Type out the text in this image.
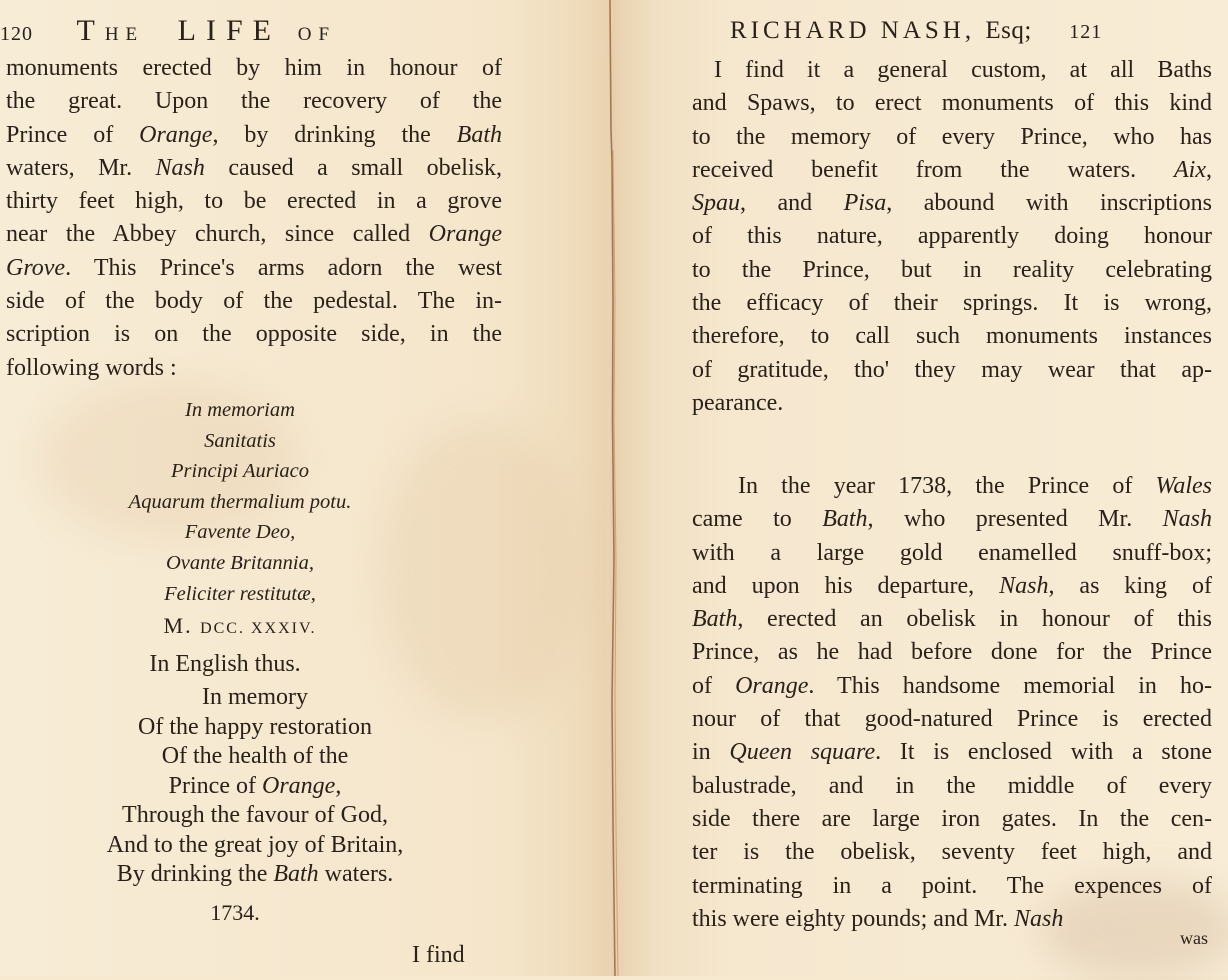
120 THE LIFE OF
monuments erected by him in honour of
the great. Upon the recovery of the
Prince of Orange, by drinking the Bath
waters, Mr. Nash caused a small obelisk,
thirty feet high, to be erected in a grove
near the Abbey church, since called Orange
Grove. This Prince's arms adorn the west
side of the body of the pedestal. The in-
scription is on the opposite side, in the
following words :
In memoriam
Sanitatis
Principi Auriaco
Aquarum thermalium potu.
Favente Deo,
Ovante Britannia,
Feliciter restitutæ,
M. DCC. XXXIV.
In English thus.
In memory
Of the happy restoration
Of the health of the
Prince of Orange,
Through the favour of God,
And to the great joy of Britain,
By drinking the Bath waters.
1734.
I find
RICHARD NASH, Esq; 121
I find it a general custom, at all Baths
and Spaws, to erect monuments of this kind
to the memory of every Prince, who has
received benefit from the waters. Aix,
Spau, and Pisa, abound with inscriptions
of this nature, apparently doing honour
to the Prince, but in reality celebrating
the efficacy of their springs. It is wrong,
therefore, to call such monuments instances
of gratitude, tho' they may wear that ap-
pearance.
In the year 1738, the Prince of Wales
came to Bath, who presented Mr. Nash
with a large gold enamelled snuff-box;
and upon his departure, Nash, as king of
Bath, erected an obelisk in honour of this
Prince, as he had before done for the Prince
of Orange. This handsome memorial in ho-
nour of that good-natured Prince is erected
in Queen square. It is enclosed with a stone
balustrade, and in the middle of every
side there are large iron gates. In the cen-
ter is the obelisk, seventy feet high, and
terminating in a point. The expences of
this were eighty pounds; and Mr. Nash
was
